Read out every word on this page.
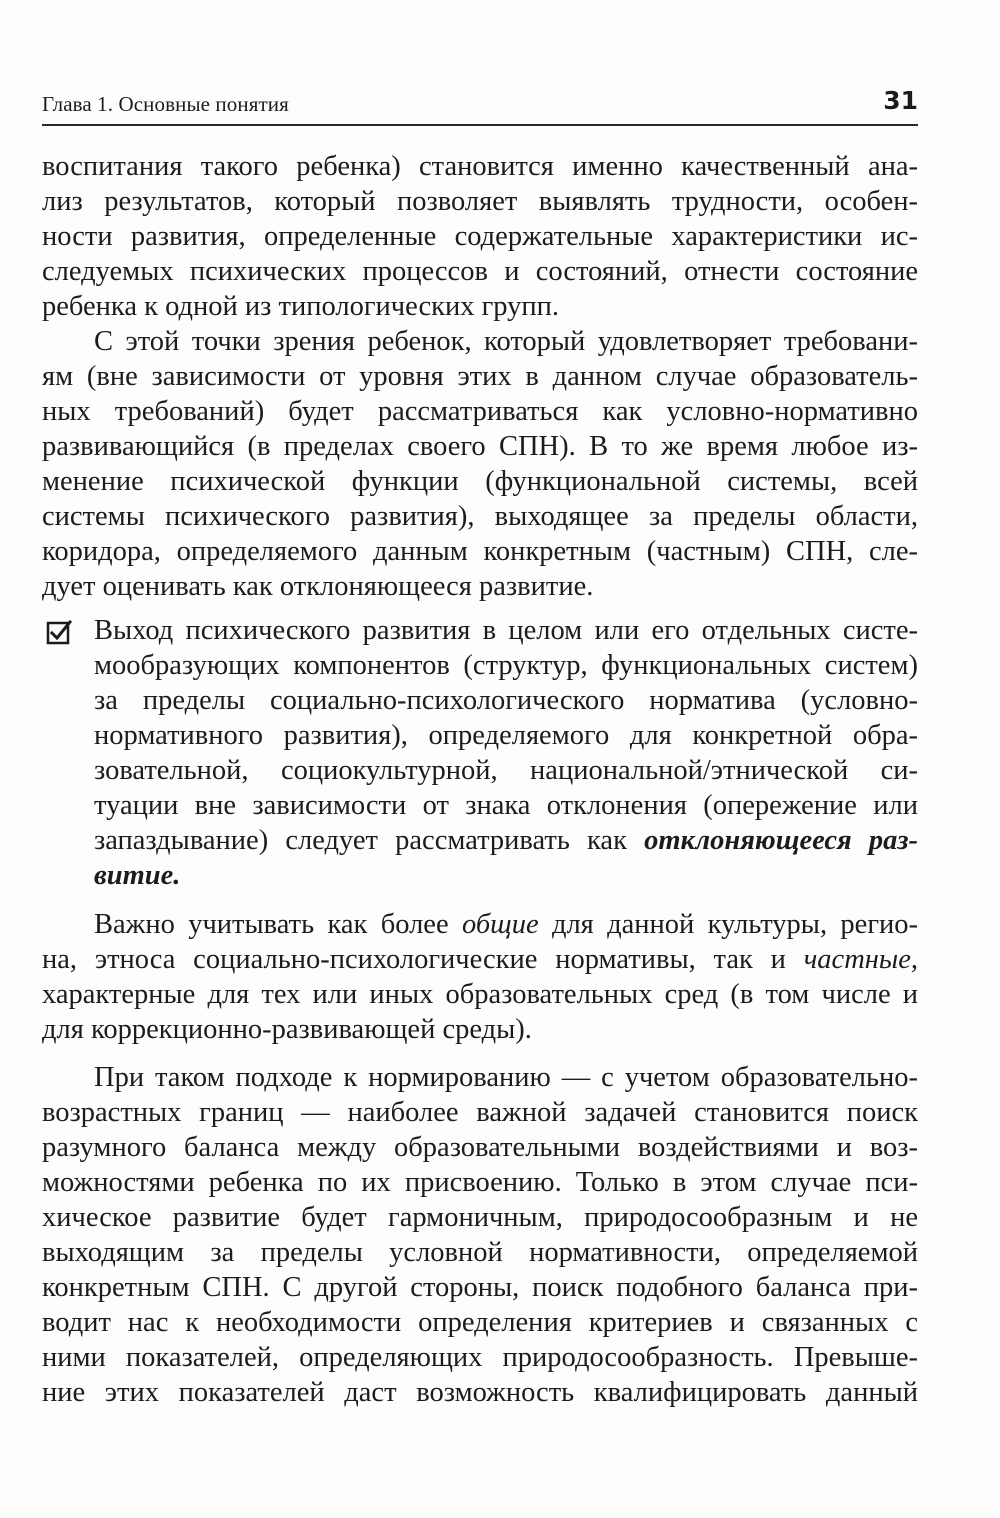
Глава 1. Основные понятия	31
воспитания такого ребенка) становится именно качественный ана-
лиз результатов, который позволяет выявлять трудности, особен-
ности развития, определенные содержательные характеристики ис-
следуемых психических процессов и состояний, отнести состояние
ребенка к одной из типологических групп.
С этой точки зрения ребенок, который удовлетворяет требовани-
ям (вне зависимости от уровня этих в данном случае образователь-
ных требований) будет рассматриваться как условно-нормативно
развивающийся (в пределах своего СПН). В то же время любое из-
менение психической функции (функциональной системы, всей
системы психического развития), выходящее за пределы области,
коридора, определяемого данным конкретным (частным) СПН, сле-
дует оценивать как отклоняющееся развитие.
Выход психического развития в целом или его отдельных систе-
мообразующих компонентов (структур, функциональных систем)
за пределы социально-психологического норматива (условно-
нормативного развития), определяемого для конкретной обра-
зовательной, социокультурной, национальной/этнической си-
туации вне зависимости от знака отклонения (опережение или
запаздывание) следует рассматривать как отклоняющееся раз-
витие.
Важно учитывать как более общие для данной культуры, регио-
на, этноса социально-психологические нормативы, так и частные,
характерные для тех или иных образовательных сред (в том числе и
для коррекционно-развивающей среды).
При таком подходе к нормированию — с учетом образовательно-
возрастных границ — наиболее важной задачей становится поиск
разумного баланса между образовательными воздействиями и воз-
можностями ребенка по их присвоению. Только в этом случае пси-
хическое развитие будет гармоничным, природосообразным и не
выходящим за пределы условной нормативности, определяемой
конкретным СПН. С другой стороны, поиск подобного баланса при-
водит нас к необходимости определения критериев и связанных с
ними показателей, определяющих природосообразность. Превыше-
ние этих показателей даст возможность квалифицировать данный
